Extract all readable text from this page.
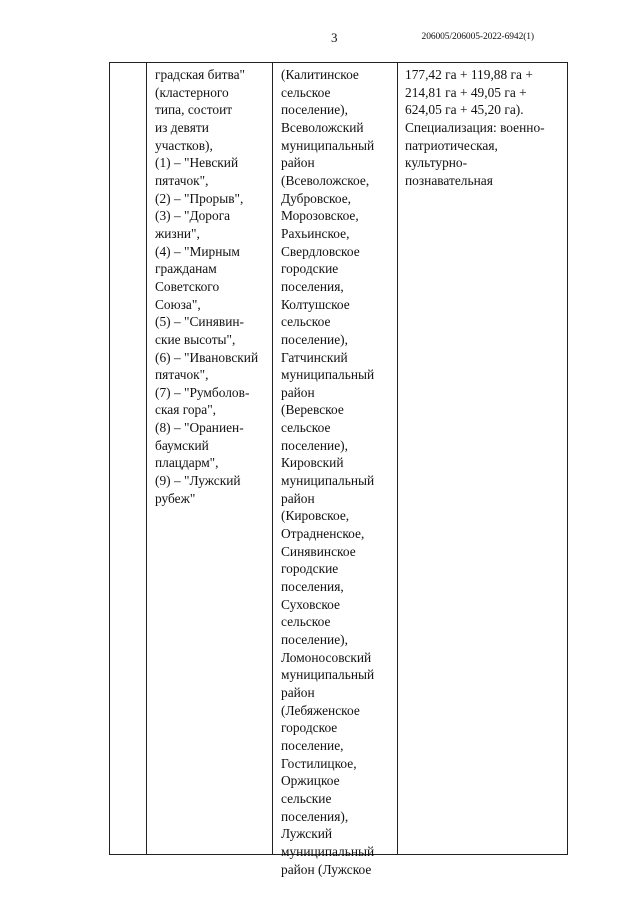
3	206005/206005-2022-6942(1)
градская битва"
(кластерного
типа, состоит
из девяти
участков),
(1) – "Невский
пятачок",
(2) – "Прорыв",
(3) – "Дорога
жизни",
(4) – "Мирным
гражданам
Советского
Союза",
(5) – "Синявин-
ские высоты",
(6) – "Ивановский
пятачок",
(7) – "Румболов-
ская гора",
(8) – "Ораниен-
баумский
плацдарм",
(9) – "Лужский
рубеж"
(Калитинское
сельское
поселение),
Всеволожский
муниципальный
район
(Всеволожское,
Дубровское,
Морозовское,
Рахьинское,
Свердловское
городские
поселения,
Колтушское
сельское
поселение),
Гатчинский
муниципальный
район
(Веревское
сельское
поселение),
Кировский
муниципальный
район
(Кировское,
Отрадненское,
Синявинское
городские
поселения,
Суховское
сельское
поселение),
Ломоносовский
муниципальный
район
(Лебяженское
городское
поселение,
Гостилицкое,
Оржицкое
сельские
поселения),
Лужский
муниципальный
район (Лужское
177,42 га + 119,88 га +
214,81 га + 49,05 га +
624,05 га + 45,20 га).
Специализация: военно-
патриотическая,
культурно-
познавательная
